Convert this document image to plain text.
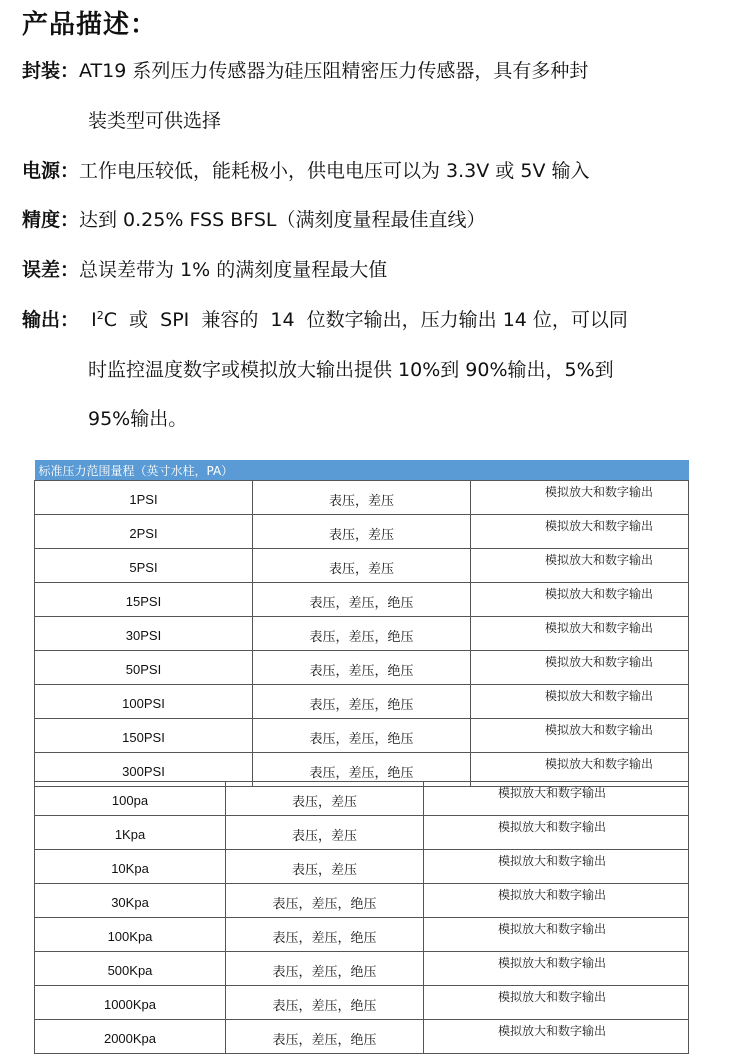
产品描述：
封装：AT19 系列压力传感器为硅压阻精密压力传感器，具有多种封
装类型可供选择
电源：工作电压较低，能耗极小，供电电压可以为 3.3V 或 5V 输入
精度：达到 0.25% FSS BFSL（满刻度量程最佳直线）
误差：总误差带为 1% 的满刻度量程最大值
输出：  $I^2C$  或  SPI  兼容的  14  位数字输出，压力输出 14 位，可以同
时监控温度数字或模拟放大输出提供 10%到 90%输出，5%到
95%输出。
标准压力范围量程（英寸水柱，PA）		
1PSI	表压，差压	模拟放大和数字输出
2PSI	表压，差压	模拟放大和数字输出
5PSI	表压，差压	模拟放大和数字输出
15PSI	表压，差压，绝压	模拟放大和数字输出
30PSI	表压，差压，绝压	模拟放大和数字输出
50PSI	表压，差压，绝压	模拟放大和数字输出
100PSI	表压，差压，绝压	模拟放大和数字输出
150PSI	表压，差压，绝压	模拟放大和数字输出
300PSI	表压，差压，绝压	模拟放大和数字输出
100pa	表压，差压	模拟放大和数字输出
1Kpa	表压，差压	模拟放大和数字输出
10Kpa	表压，差压	模拟放大和数字输出
30Kpa	表压，差压，绝压	模拟放大和数字输出
100Kpa	表压，差压，绝压	模拟放大和数字输出
500Kpa	表压，差压，绝压	模拟放大和数字输出
1000Kpa	表压，差压，绝压	模拟放大和数字输出
2000Kpa	表压，差压，绝压	模拟放大和数字输出
